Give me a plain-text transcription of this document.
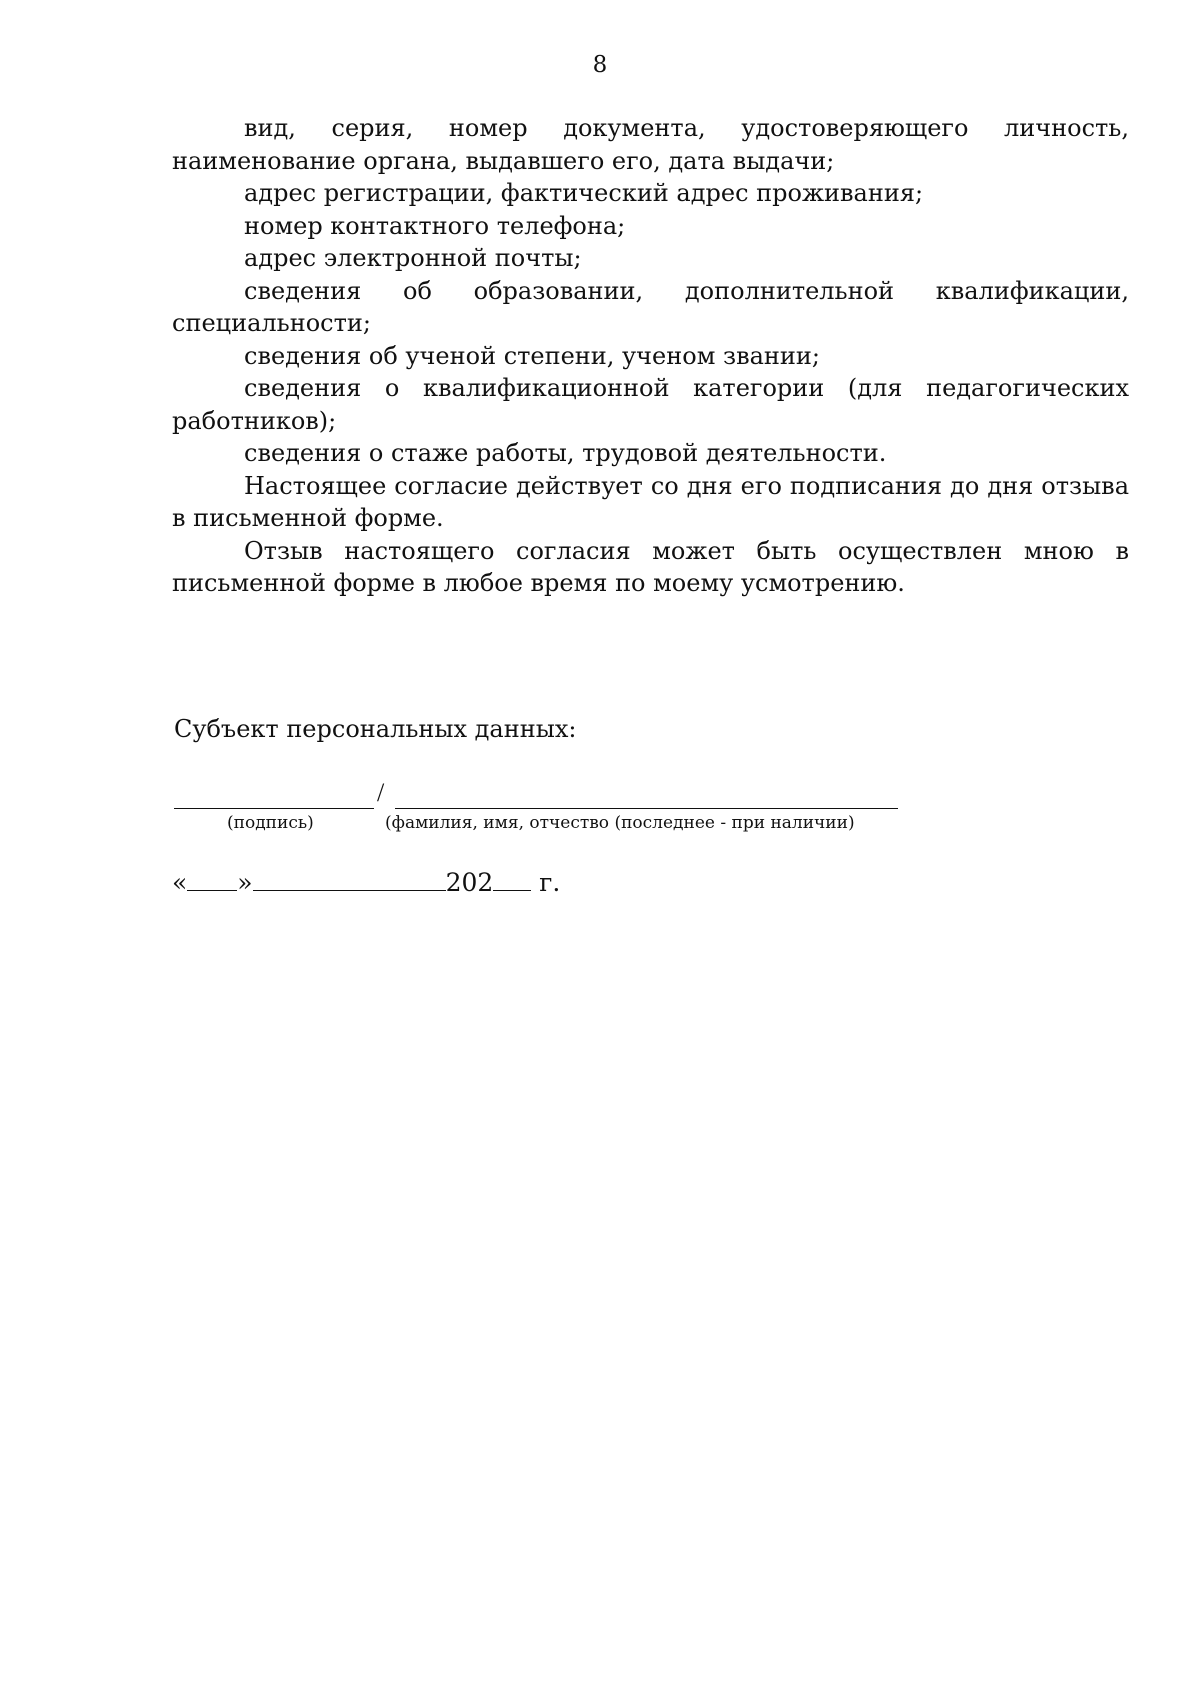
8

вид, серия, номер документа, удостоверяющего личность, наименование органа, выдавшего его, дата выдачи;

адрес регистрации, фактический адрес проживания;

номер контактного телефона;

адрес электронной почты;

сведения об образовании, дополнительной квалификации, специальности;

сведения об ученой степени, ученом звании;

сведения о квалификационной категории (для педагогических работников);

сведения о стаже работы, трудовой деятельности.

Настоящее согласие действует со дня его подписания до дня отзыва в письменной форме.

Отзыв настоящего согласия может быть осуществлен мною в письменной форме в любое время по моему усмотрению.

Субъект персональных данных:

/

(подпись)	(фамилия, имя, отчество (последнее - при наличии)

« »	202 г.
